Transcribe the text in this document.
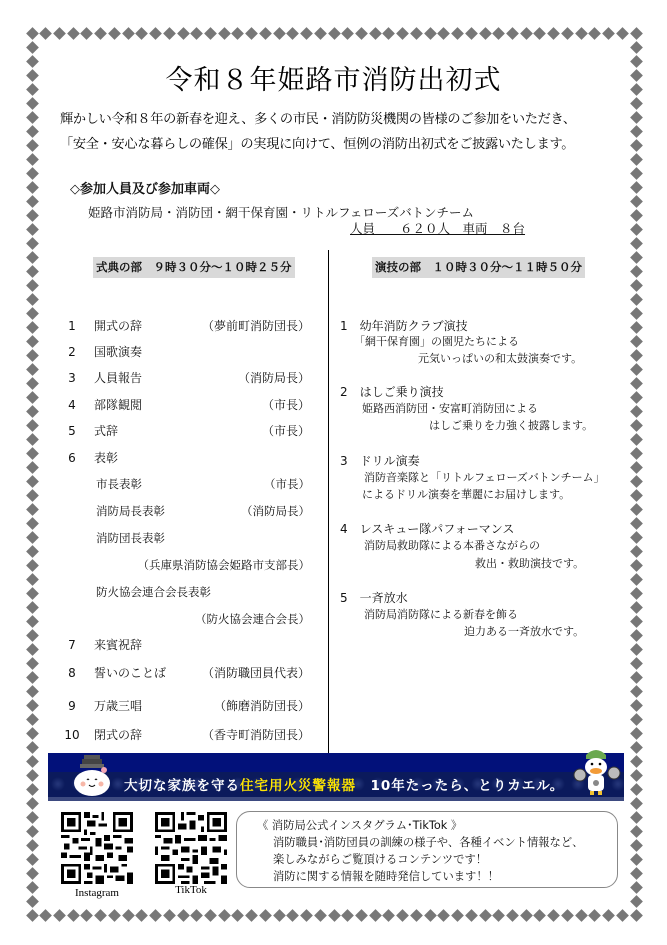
令和８年姫路市消防出初式
輝かしい令和８年の新春を迎え、多くの市民・消防防災機関の皆様のご参加をいただき、
「安全・安心な暮らしの確保」の実現に向けて、恒例の消防出初式をご披露いたします。
◇参加人員及び参加車両◇
姫路市消防局・消防団・網干保育園・リトルフェローズバトンチーム
人員　　６２０人　車両　８台
式典の部　９時３０分～１０時２５分	演技の部　１０時３０分～１１時５０分
1	開式の辞	（夢前町消防団長）
2	国歌演奏
3	人員報告	（消防局長）
4	部隊観閲	（市長）
5	式辞	（市長）
6	表彰
市長表彰	（市長）
消防局長表彰	（消防局長）
消防団長表彰
（兵庫県消防協会姫路市支部長）
防火協会連合会長表彰
（防火協会連合会長）
7	来賓祝辞
8	誓いのことば	（消防職団員代表）
9	万歳三唱	（飾磨消防団長）
10 閉式の辞	（香寺町消防団長）
1　 幼年消防クラブ演技
「網干保育園」の園児たちによる
元気いっぱいの和太鼓演奏です。
2　 はしご乗り演技
姫路西消防団・安富町消防団による
はしご乗りを力強く披露します。
3　 ドリル演奏
消防音楽隊と「リトルフェローズバトンチーム」
によるドリル演奏を華麗にお届けします。
4　 レスキュー隊パフォーマンス
消防局救助隊による本番さながらの
救出・救助演技です。
5　 一斉放水
消防局消防隊による新春を飾る
迫力ある一斉放水です。
大切な家族を守る住宅用火災警報器　10年たったら、とりカエル。
Instagram	TikTok
《 消防局公式インスタグラム･TikTok 》
消防職員･消防団員の訓練の様子や、各種イベント情報など、
楽しみながらご覧頂けるコンテンツです！
消防に関する情報を随時発信しています！！
